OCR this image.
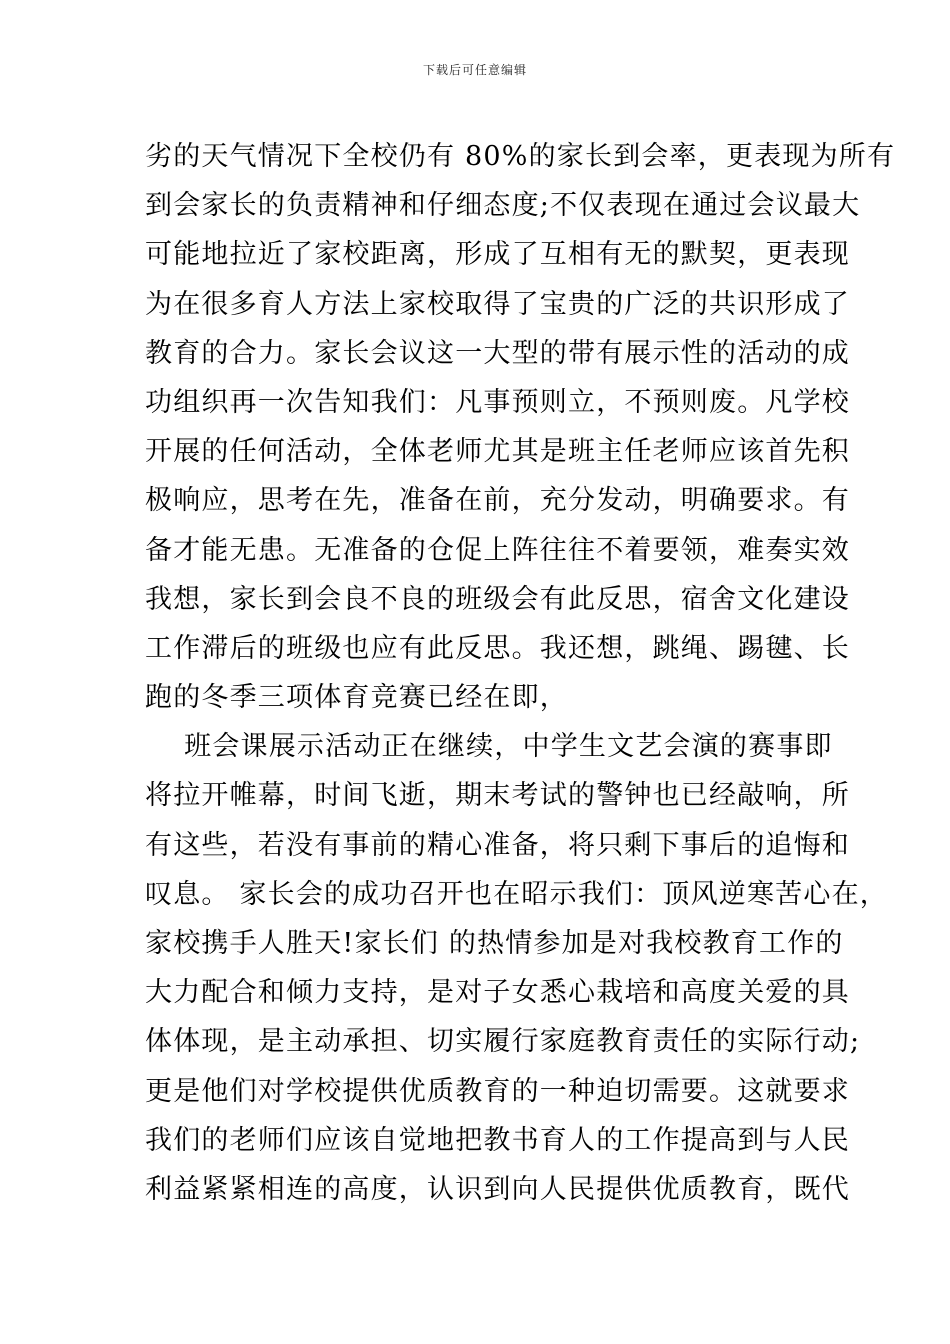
下载后可任意编辑
劣的天气情况下全校仍有 80%的家长到会率，更表现为所有
到会家长的负责精神和仔细态度;不仅表现在通过会议最大
可能地拉近了家校距离，形成了互相有无的默契，更表现
为在很多育人方法上家校取得了宝贵的广泛的共识形成了
教育的合力。家长会议这一大型的带有展示性的活动的成
功组织再一次告知我们：凡事预则立，不预则废。凡学校
开展的任何活动，全体老师尤其是班主任老师应该首先积
极响应，思考在先，准备在前，充分发动，明确要求。有
备才能无患。无准备的仓促上阵往往不着要领，难奏实效
我想，家长到会良不良的班级会有此反思，宿舍文化建设
工作滞后的班级也应有此反思。我还想，跳绳、踢毽、长
跑的冬季三项体育竞赛已经在即，
班会课展示活动正在继续，中学生文艺会演的赛事即
将拉开帷幕，时间飞逝，期末考试的警钟也已经敲响，所
有这些，若没有事前的精心准备，将只剩下事后的追悔和
叹息。 家长会的成功召开也在昭示我们：顶风逆寒苦心在，
家校携手人胜天!家长们 的热情参加是对我校教育工作的
大力配合和倾力支持，是对子女悉心栽培和高度关爱的具
体体现，是主动承担、切实履行家庭教育责任的实际行动;
更是他们对学校提供优质教育的一种迫切需要。这就要求
我们的老师们应该自觉地把教书育人的工作提高到与人民
利益紧紧相连的高度，认识到向人民提供优质教育，既代
